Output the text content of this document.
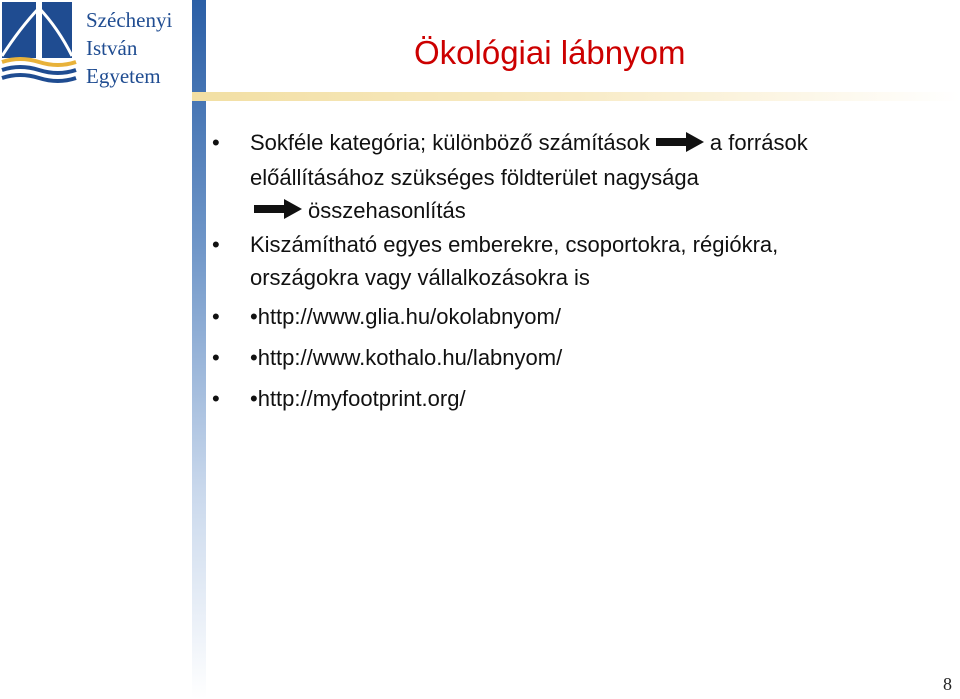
Széchenyi
István
Egyetem
Ökológiai lábnyom
•	Sokféle kategória; különböző számítások	a források
előállításához szükséges földterület nagysága
összehasonlítás
•	Kiszámítható egyes emberekre, csoportokra, régiókra,
országokra vagy vállalkozásokra is
•	•http://www.glia.hu/okolabnyom/
•	•http://www.kothalo.hu/labnyom/
•	•http://myfootprint.org/
8
